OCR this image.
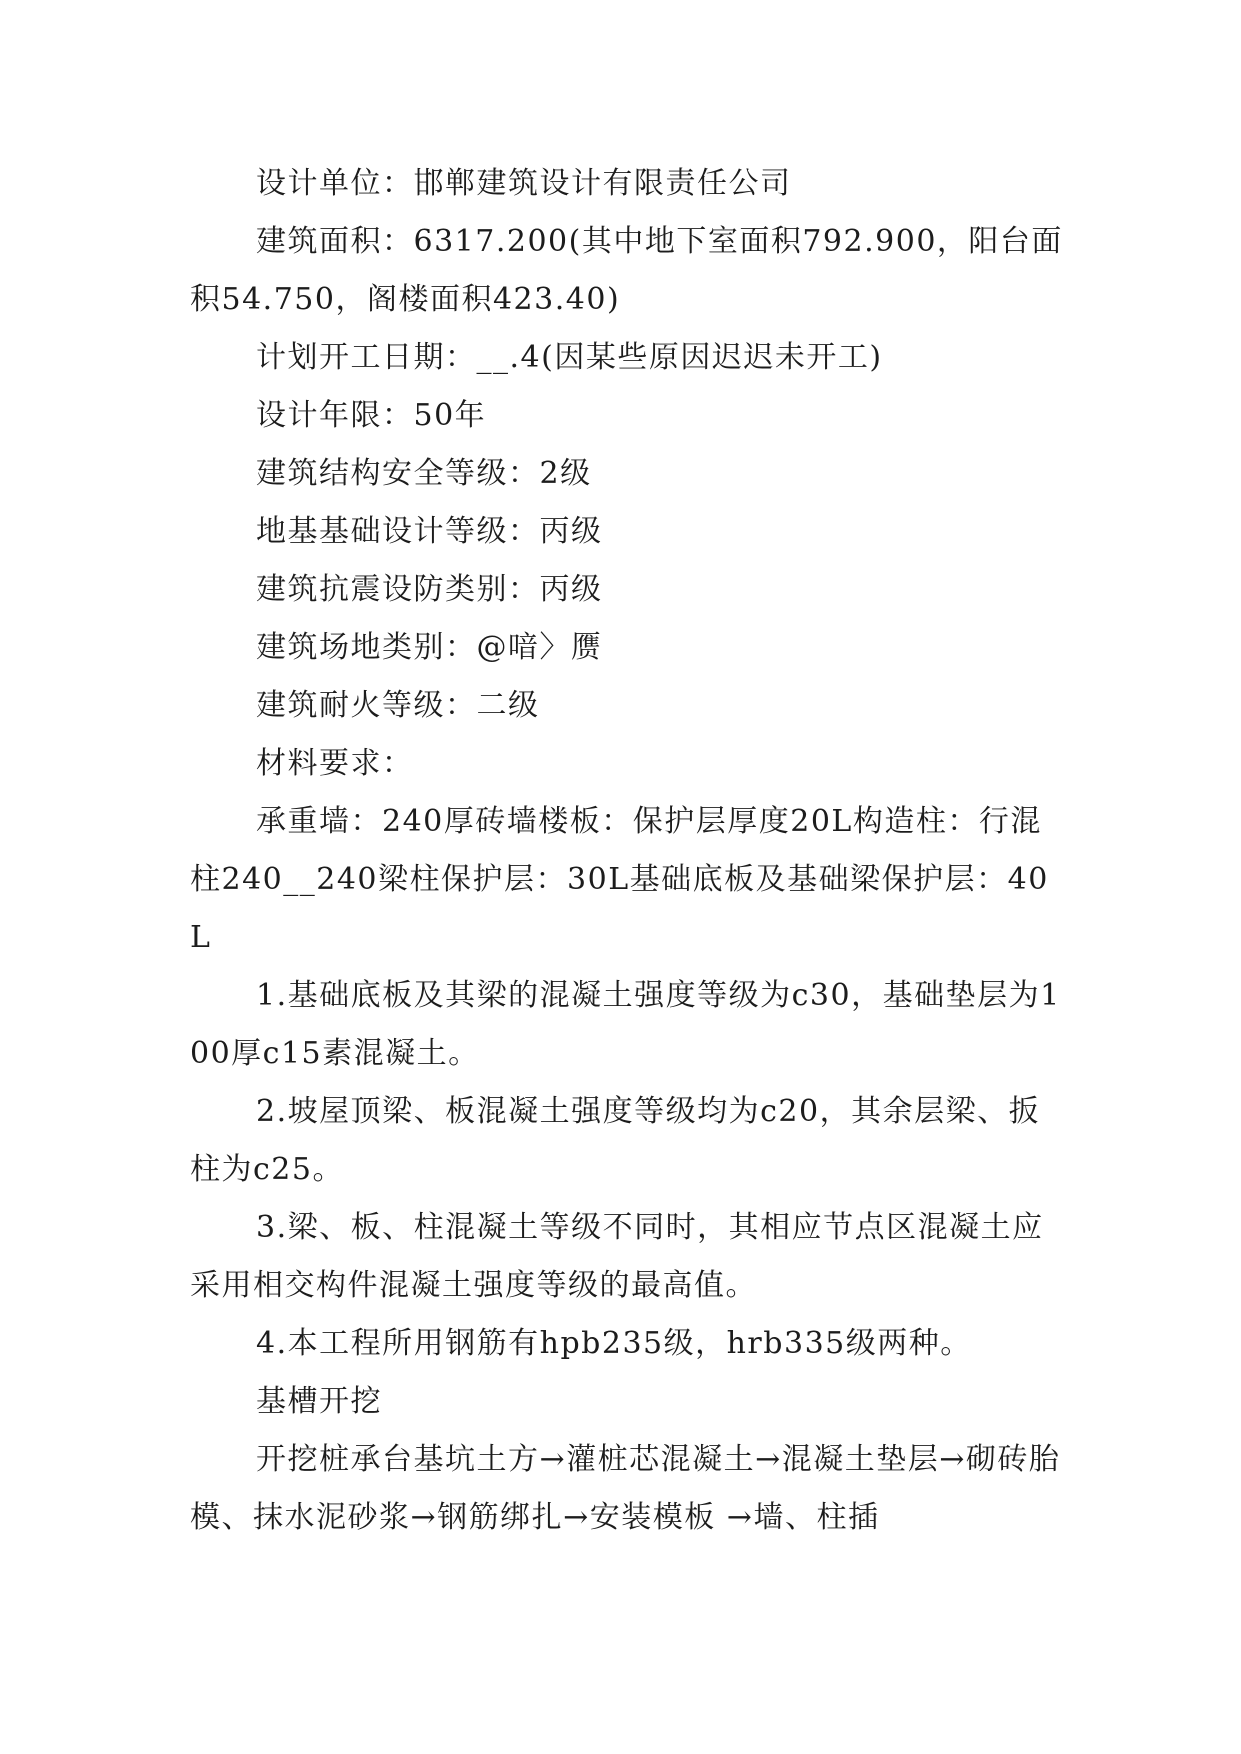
设计单位：邯郸建筑设计有限责任公司

建筑面积：6317.200(其中地下室面积792.900，阳台面积54.750，阁楼面积423.40)

计划开工日期：__.4(因某些原因迟迟未开工)

设计年限：50年

建筑结构安全等级：2级

地基基础设计等级：丙级

建筑抗震设防类别：丙级

建筑场地类别：@喑〉赝

建筑耐火等级：二级

材料要求：

承重墙：240厚砖墙楼板：保护层厚度20L构造柱：行混柱240__240梁柱保护层：30L基础底板及基础梁保护层：40L

1.基础底板及其梁的混凝土强度等级为c30，基础垫层为100厚c15素混凝土。

2.坡屋顶梁、板混凝土强度等级均为c20，其余层梁、扳柱为c25。

3.梁、板、柱混凝土等级不同时，其相应节点区混凝土应采用相交构件混凝土强度等级的最高值。

4.本工程所用钢筋有hpb235级，hrb335级两种。

基槽开挖

开挖桩承台基坑土方→灌桩芯混凝土→混凝土垫层→砌砖胎模、抹水泥砂浆→钢筋绑扎→安装模板 →墙、柱插
